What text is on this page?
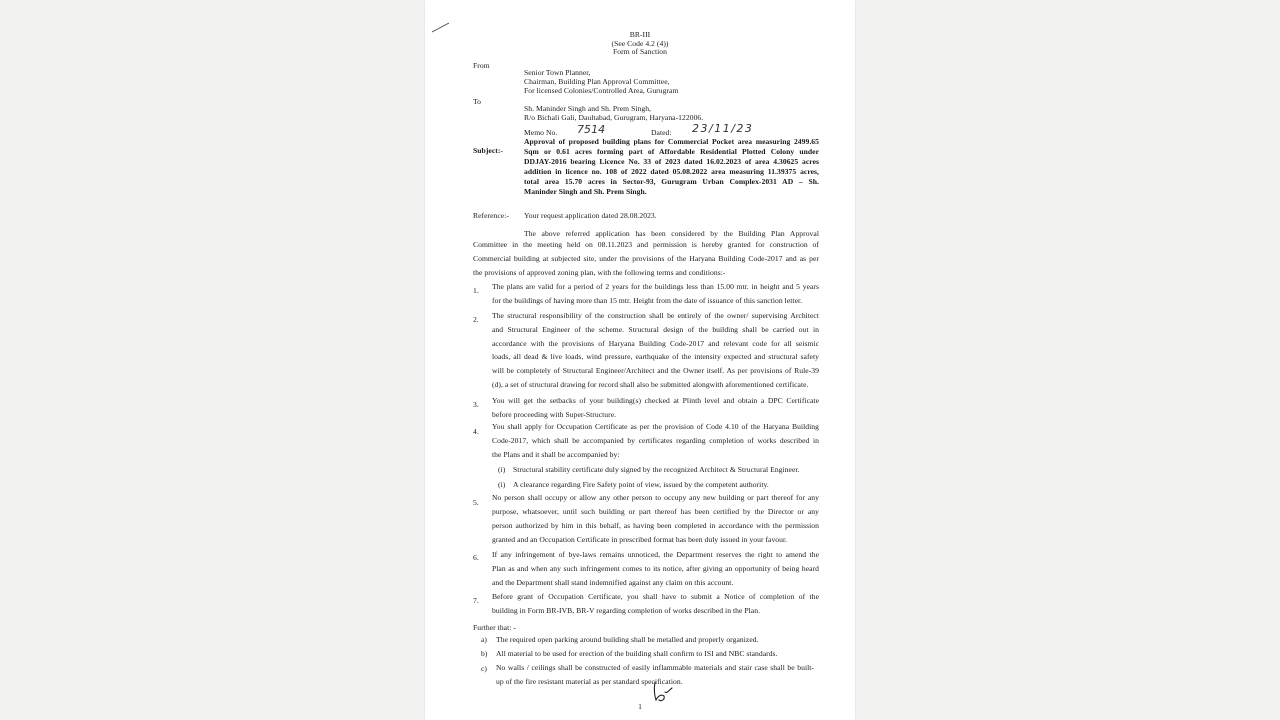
BR-III
(See Code 4.2 (4))
Form of Sanction
From
Senior Town Planner,
Chairman, Building Plan Approval Committee,
For licensed Colonies/Controlled Area, Gurugram
To
Sh. Maninder Singh and Sh. Prem Singh,
R/o Bichali Gali, Daultabad, Gurugram, Haryana-122006.
Memo No. 7514	Dated: 23/11/23
Subject:-
Approval of proposed building plans for Commercial Pocket area measuring 2499.65
Sqm or 0.61 acres forming part of Affordable Residential Plotted Colony under
DDJAY-2016 bearing Licence No. 33 of 2023 dated 16.02.2023 of area 4.30625 acres
addition in licence no. 108 of 2022 dated 05.08.2022 area measuring 11.39375 acres,
total area 15.70 acres in Sector-93, Gurugram Urban Complex-2031 AD – Sh.
Maninder Singh and Sh. Prem Singh.
Reference:- Your request application dated 28.08.2023.
The above referred application has been considered by the Building Plan Approval
Committee in the meeting held on 08.11.2023 and permission is hereby granted for construction of
Commercial building at subjected site, under the provisions of the Haryana Building Code-2017 and as per
the provisions of approved zoning plan, with the following terms and conditions:-
1. The plans are valid for a period of 2 years for the buildings less than 15.00 mtr. in height and 5 years
for the buildings of having more than 15 mtr. Height from the date of issuance of this sanction letter.
2. The structural responsibility of the construction shall be entirely of the owner/ supervising Architect
and Structural Engineer of the scheme. Structural design of the building shall be carried out in
accordance with the provisions of Haryana Building Code-2017 and relevant code for all seismic
loads, all dead & live loads, wind pressure, earthquake of the intensity expected and structural safety
will be completely of Structural Engineer/Architect and the Owner itself. As per provisions of Rule-39
(d), a set of structural drawing for record shall also be submitted alongwith aforementioned certificate.
3. You will get the setbacks of your building(s) checked at Plinth level and obtain a DPC Certificate
before proceeding with Super-Structure.
4.
You shall apply for Occupation Certificate as per the provision of Code 4.10 of the Haryana Building
Code-2017, which shall be accompanied by certificates regarding completion of works described in
the Plans and it shall be accompanied by:
(i) Structural stability certificate duly signed by the recognized Architect & Structural Engineer.
(i) A clearance regarding Fire Safety point of view, issued by the competent authority.
5.
No person shall occupy or allow any other person to occupy any new building or part thereof for any
purpose, whatsoever, until such building or part thereof has been certified by the Director or any
person authorized by him in this behalf, as having been completed in accordance with the permission
granted and an Occupation Certificate in prescribed format has been duly issued in your favour.
6. If any infringement of bye-laws remains unnoticed, the Department reserves the right to amend the
Plan as and when any such infringement comes to its notice, after giving an opportunity of being heard
and the Department shall stand indemnified against any claim on this account.
7. Before grant of Occupation Certificate, you shall have to submit a Notice of completion of the
building in Form BR-IVB, BR-V regarding completion of works described in the Plan.
Further that: -
a) The required open parking around building shall be metalled and properly organized.
b) All material to be used for erection of the building shall confirm to ISI and NBC standards.
c) No walls / ceilings shall be constructed of easily inflammable materials and stair case shall be built-
up of the fire resistant material as per standard specification.
1
